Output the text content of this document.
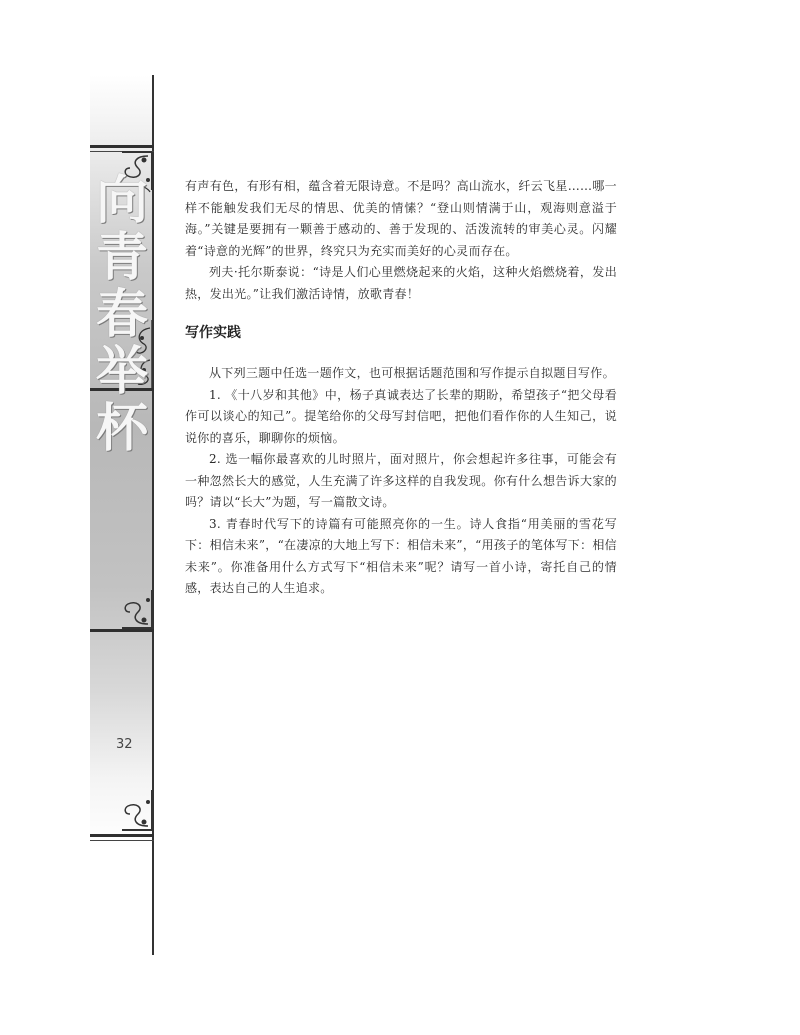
向青春举杯
32

有声有色，有形有相，蕴含着无限诗意。不是吗？高山流水，纤云飞星……哪一样不能触发我们无尽的情思、优美的情愫？“登山则情满于山，观海则意溢于海。”关键是要拥有一颗善于感动的、善于发现的、活泼流转的审美心灵。闪耀着“诗意的光辉”的世界，终究只为充实而美好的心灵而存在。

列夫·托尔斯泰说：“诗是人们心里燃烧起来的火焰，这种火焰燃烧着，发出热，发出光。”让我们激活诗情，放歌青春！

写作实践

从下列三题中任选一题作文，也可根据话题范围和写作提示自拟题目写作。

1. 《十八岁和其他》中，杨子真诚表达了长辈的期盼，希望孩子“把父母看作可以谈心的知己”。提笔给你的父母写封信吧，把他们看作你的人生知己，说说你的喜乐，聊聊你的烦恼。

2. 选一幅你最喜欢的儿时照片，面对照片，你会想起许多往事，可能会有一种忽然长大的感觉，人生充满了许多这样的自我发现。你有什么想告诉大家的吗？请以“长大”为题，写一篇散文诗。

3. 青春时代写下的诗篇有可能照亮你的一生。诗人食指“用美丽的雪花写下：相信未来”，“在凄凉的大地上写下：相信未来”，“用孩子的笔体写下：相信未来”。你准备用什么方式写下“相信未来”呢？请写一首小诗，寄托自己的情感，表达自己的人生追求。
